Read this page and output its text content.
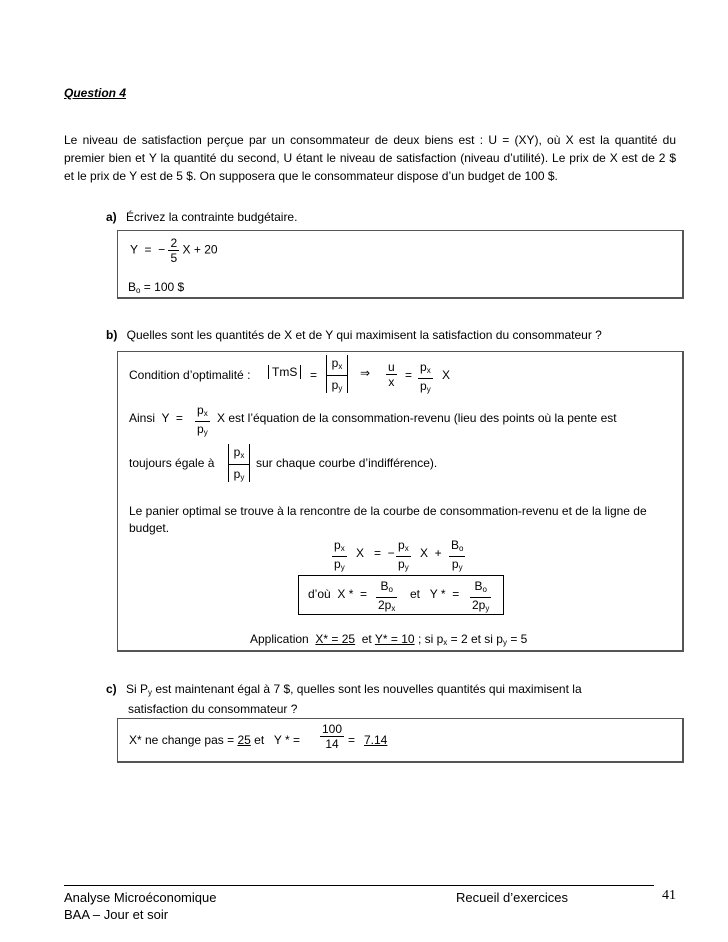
Question 4
Le niveau de satisfaction perçue par un consommateur de deux biens est : U = (XY), où X est la quantité du premier bien et Y la quantité du second, U étant le niveau de satisfaction (niveau d’utilité). Le prix de X est de 2 $ et le prix de Y est de 5 $. On supposera que le consommateur dispose d’un budget de 100 $.
a) Écrivez la contrainte budgétaire.
Y  =  − $\frac{2}{5}$ X + 20
$B_o = 100$ $
b) Quelles sont les quantités de X et de Y qui maximisent la satisfaction du consommateur ?
Condition d’optimalité :	TmS	=
$p_x$
$p_y$
⇒ $\frac{u}{x} = \frac{p_x}{p_y}$ X
Ainsi  $Y = \frac{p_x}{p_y}$ X est l’équation de la consommation-revenu (lieu des points où la pente est
toujours égale à
$p_x$
$p_y$
sur chaque courbe d’indifférence).
Le panier optimal se trouve à la rencontre de la courbe de consommation-revenu et de la ligne de budget.
$\frac{p_x}{p_y}$ X   =  − $\frac{p_x}{p_y}$ $X + \frac{B_o}{p_y}$
d’où  X *  = $\frac{B_o}{2p_x}$ et   Y *  = $\frac{B_o}{2p_y}$
Application X* = 25  et Y* = 10 ; si $p_x = 2$ et si $p_y = 5$
c) Si $P_y$ est maintenant égal à 7 $, quelles sont les nouvelles quantités qui maximisent la
satisfaction du consommateur ?
X* ne change pas = 25 et   Y * = $\frac{100}{14} = 7.14$
Analyse Microéconomique
BAA – Jour et soir
Recueil d’exercices	41
